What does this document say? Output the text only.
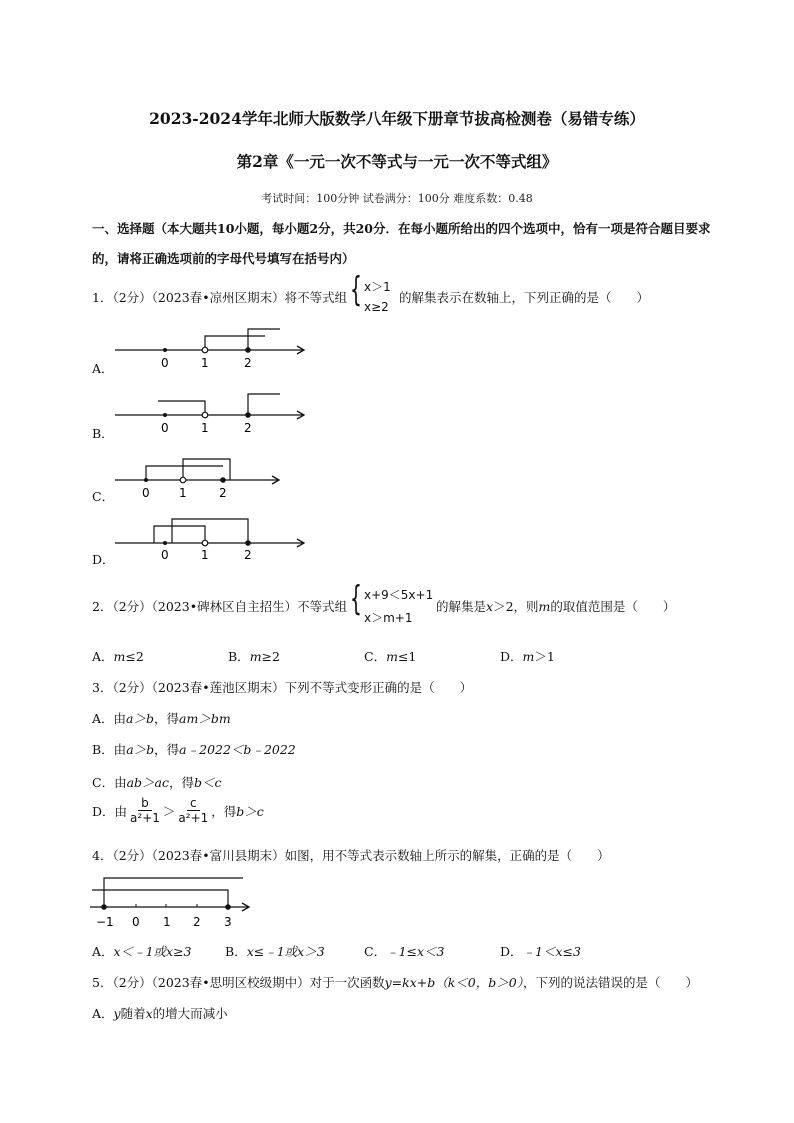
2023-2024学年北师大版数学八年级下册章节拔高检测卷（易错专练）
第2章《一元一次不等式与一元一次不等式组》
考试时间：100分钟 试卷满分：100分 难度系数：0.48
一、选择题（本大题共10小题，每小题2分，共20分．在每小题所给出的四个选项中，恰有一项是符合题目要求的，请将正确选项前的字母代号填写在括号内）
1．（2分）（2023春•凉州区期末）将不等式组 { x＞1
x≥2
的解集表示在数轴上，下列正确的是（　　）
A．	0	1	2
B．	0	1	2
C． 0 1	2
D．	0	1	2
2．（2分）（2023•碑林区自主招生）不等式组 { x+9＜5x+1
x＞m+1
的解集是x＞2，则m的取值范围是（　　）
A．m≤2	B．m≥2	C．m≤1	D．m＞1
3．（2分）（2023春•莲池区期末）下列不等式变形正确的是（　　）
A．由a＞b，得am＞bm
B．由a＞b，得a﹣2022＜b﹣2022
C．由ab＞ac，得b＜c
D．由 $\frac{b}{\text{a²+1}} > \frac{c}{\text{a²+1}}$ ，得 b＞c
4．（2分）（2023春•富川县期末）如图，用不等式表示数轴上所示的解集，正确的是（　　）
−1 0 1 2 3
A．x＜﹣1或x≥3	B．x≤﹣1或x＞3	C．﹣1≤x＜3	D．﹣1＜x≤3
5．（2分）（2023春•思明区校级期中）对于一次函数y=kx+b（k＜0，b＞0），下列的说法错误的是（　　）
A．y随着x的增大而减小
